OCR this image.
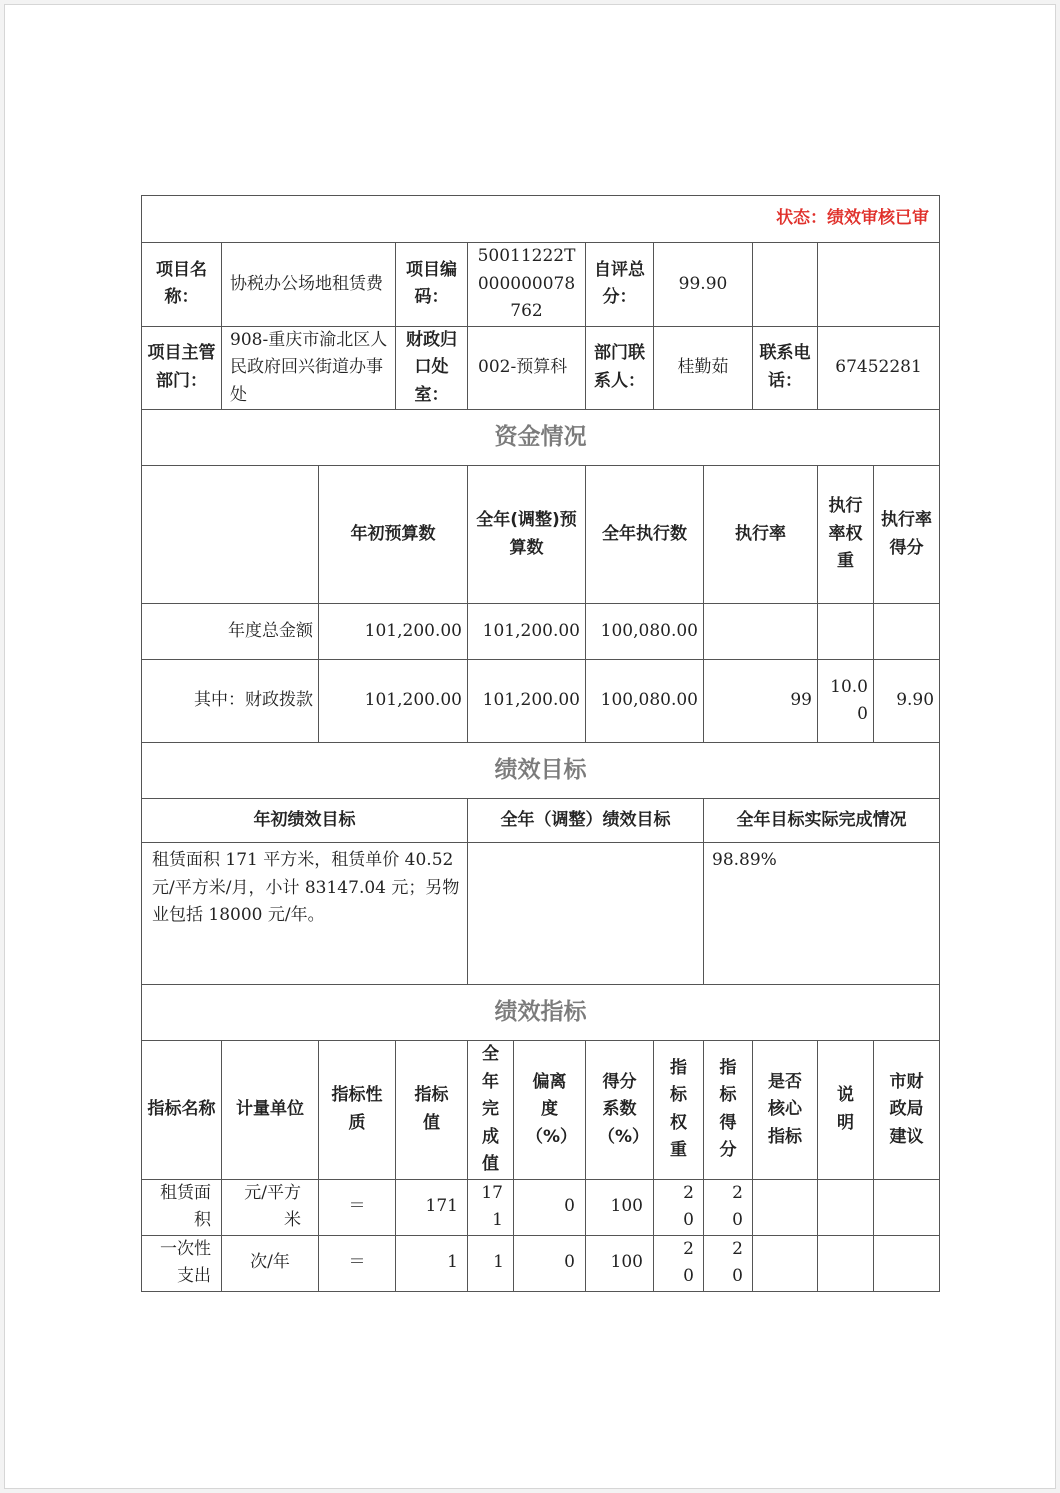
状态：绩效审核已审											
项目名称：	协税办公场地租赁费		项目编码：	50011222T000000078762		自评总分：	99.90				
项目主管部门：	908-重庆市渝北区人民政府回兴街道办事处		财政归口处室：	002-预算科		部门联系人：	桂勤茹		联系电话：	67452281	
资金情况											
		年初预算数		全年(调整)预算数		全年执行数		执行率		执行率权重	执行率得分
年度总金额		101,200.00		101,200.00		100,080.00					
其中：财政拨款		101,200.00		101,200.00		100,080.00		99		10.00	9.90
绩效目标											
年初绩效目标				全年（调整）绩效目标				全年目标实际完成情况			
租赁面积 171 平方米，租赁单价 40.52 元/平方米/月，小计 83147.04 元；另物业包括 18000 元/年。								98.89%			
绩效指标											
指标名称	计量单位	指标性质	指标值	全年完成值	偏离度（%）	得分系数（%）	指标权重	指标得分	是否核心指标	说明	市财政局建议
租赁面积	元/平方米	＝	171	171	0	100	20	20			
一次性支出	次/年	＝	1	1	0	100	20	20			
